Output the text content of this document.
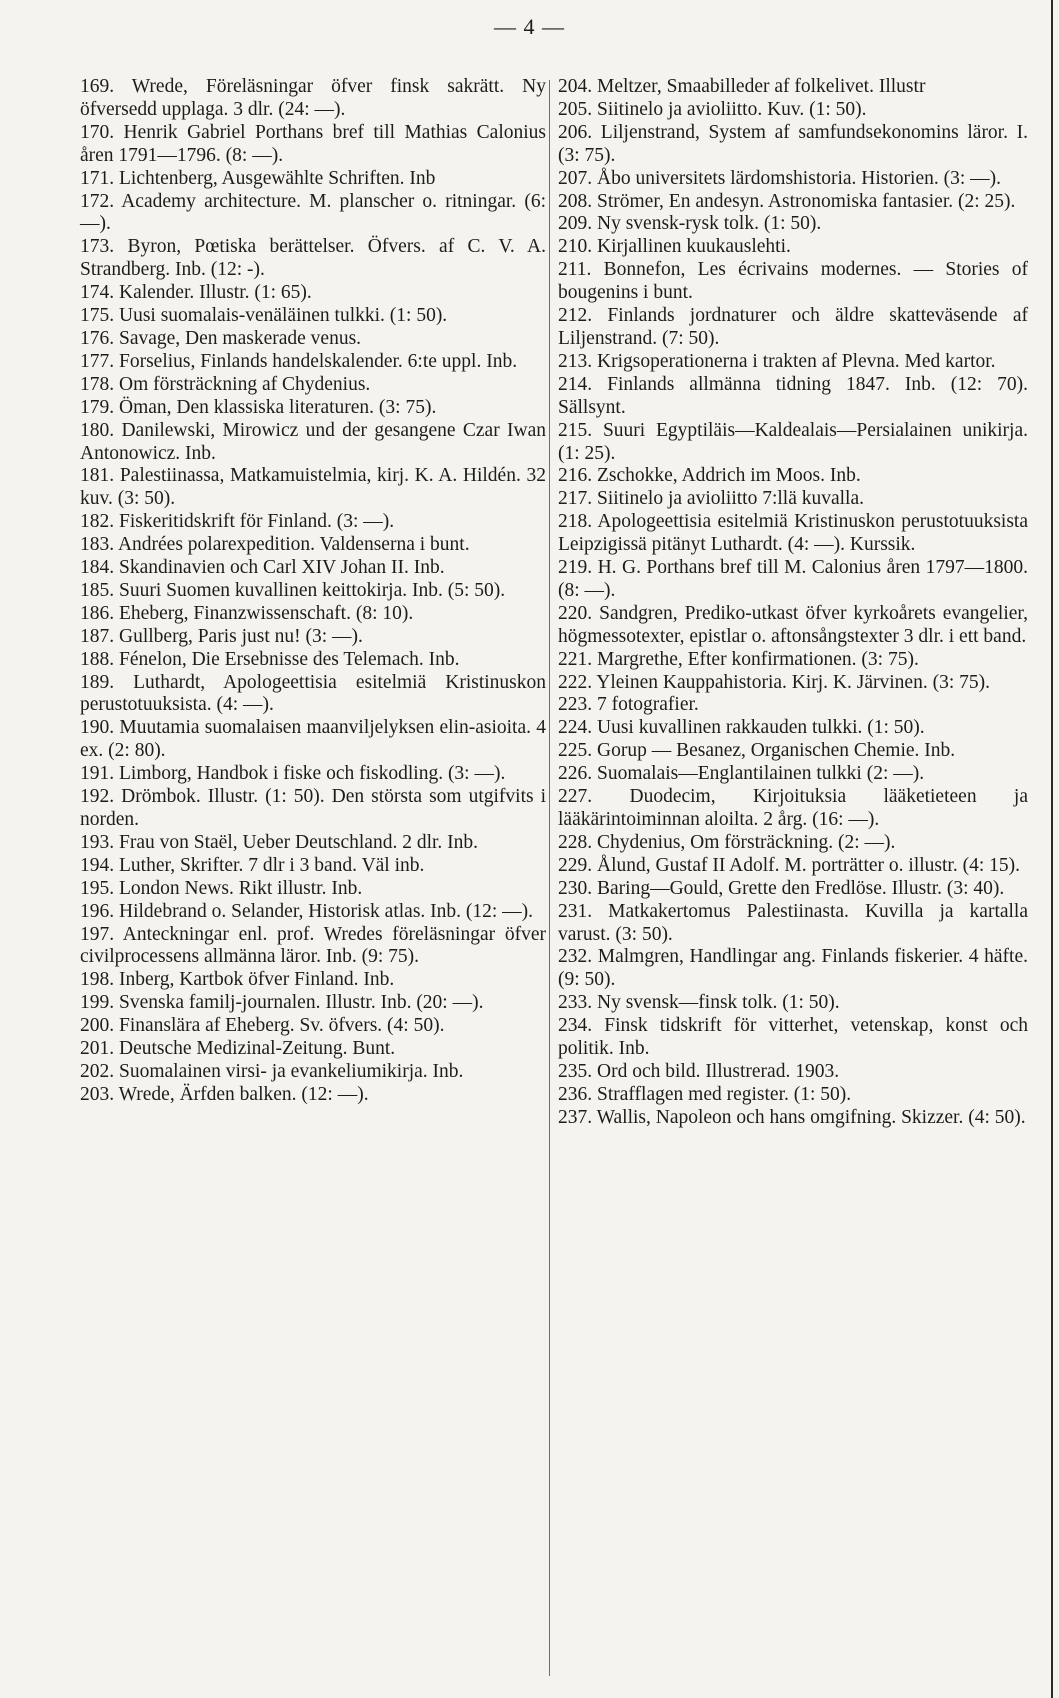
— 4 —

169. Wrede, Föreläsningar öfver finsk sakrätt. Ny öfversedd upplaga. 3 dlr. (24: —).

170. Henrik Gabriel Porthans bref till Mathias Calonius åren 1791—1796. (8: —).

171. Lichtenberg, Ausgewählte Schriften. Inb

172. Academy architecture. M. planscher o. ritningar. (6: —).

173. Byron, Pœtiska berättelser. Öfvers. af C. V. A. Strandberg. Inb. (12: -).

174. Kalender. Illustr. (1: 65).

175. Uusi suomalais-venäläinen tulkki. (1: 50).

176. Savage, Den maskerade venus.

177. Forselius, Finlands handelskalender. 6:te uppl. Inb.

178. Om försträckning af Chydenius.

179. Öman, Den klassiska literaturen. (3: 75).

180. Danilewski, Mirowicz und der gesangene Czar Iwan Antonowicz. Inb.

181. Palestiinassa, Matkamuistelmia, kirj. K. A. Hildén. 32 kuv. (3: 50).

182. Fiskeritidskrift för Finland. (3: —).

183. Andrées polarexpedition. Valdenserna i bunt.

184. Skandinavien och Carl XIV Johan II. Inb.

185. Suuri Suomen kuvallinen keittokirja. Inb. (5: 50).

186. Eheberg, Finanzwissenschaft. (8: 10).

187. Gullberg, Paris just nu! (3: —).

188. Fénelon, Die Ersebnisse des Telemach. Inb.

189. Luthardt, Apologeettisia esitelmiä Kristinuskon perustotuuksista. (4: —).

190. Muutamia suomalaisen maanviljelyksen elin-asioita. 4 ex. (2: 80).

191. Limborg, Handbok i fiske och fiskodling. (3: —).

192. Drömbok. Illustr. (1: 50). Den största som utgifvits i norden.

193. Frau von Staël, Ueber Deutschland. 2 dlr. Inb.

194. Luther, Skrifter. 7 dlr i 3 band. Väl inb.

195. London News. Rikt illustr. Inb.

196. Hildebrand o. Selander, Historisk atlas. Inb. (12: —).

197. Anteckningar enl. prof. Wredes föreläsningar öfver civilprocessens allmänna läror. Inb. (9: 75).

198. Inberg, Kartbok öfver Finland. Inb.

199. Svenska familj-journalen. Illustr. Inb. (20: —).

200. Finanslära af Eheberg. Sv. öfvers. (4: 50).

201. Deutsche Medizinal-Zeitung. Bunt.

202. Suomalainen virsi- ja evankeliumikirja. Inb.

203. Wrede, Ärfden balken. (12: —).

204. Meltzer, Smaabilleder af folkelivet. Illustr

205. Siitinelo ja avioliitto. Kuv. (1: 50).

206. Liljenstrand, System af samfundsekonomins läror. I. (3: 75).

207. Åbo universitets lärdomshistoria. Historien. (3: —).

208. Strömer, En andesyn. Astronomiska fantasier. (2: 25).

209. Ny svensk-rysk tolk. (1: 50).

210. Kirjallinen kuukauslehti.

211. Bonnefon, Les écrivains modernes. — Stories of bougenins i bunt.

212. Finlands jordnaturer och äldre skatteväsende af Liljenstrand. (7: 50).

213. Krigsoperationerna i trakten af Plevna. Med kartor.

214. Finlands allmänna tidning 1847. Inb. (12: 70). Sällsynt.

215. Suuri Egyptiläis—Kaldealais—Persialainen unikirja. (1: 25).

216. Zschokke, Addrich im Moos. Inb.

217. Siitinelo ja avioliitto 7:llä kuvalla.

218. Apologeettisia esitelmiä Kristinuskon perustotuuksista Leipzigissä pitänyt Luthardt. (4: —). Kurssik.

219. H. G. Porthans bref till M. Calonius åren 1797—1800. (8: —).

220. Sandgren, Prediko-utkast öfver kyrkoårets evangelier, högmessotexter, epistlar o. aftonsångstexter 3 dlr. i ett band.

221. Margrethe, Efter konfirmationen. (3: 75).

222. Yleinen Kauppahistoria. Kirj. K. Järvinen. (3: 75).

223. 7 fotografier.

224. Uusi kuvallinen rakkauden tulkki. (1: 50).

225. Gorup — Besanez, Organischen Chemie. Inb.

226. Suomalais—Englantilainen tulkki (2: —).

227. Duodecim, Kirjoituksia lääketieteen ja lääkärintoiminnan aloilta. 2 årg. (16: —).

228. Chydenius, Om försträckning. (2: —).

229. Ålund, Gustaf II Adolf. M. porträtter o. illustr. (4: 15).

230. Baring—Gould, Grette den Fredlöse. Illustr. (3: 40).

231. Matkakertomus Palestiinasta. Kuvilla ja kartalla varust. (3: 50).

232. Malmgren, Handlingar ang. Finlands fiskerier. 4 häfte. (9: 50).

233. Ny svensk—finsk tolk. (1: 50).

234. Finsk tidskrift för vitterhet, vetenskap, konst och politik. Inb.

235. Ord och bild. Illustrerad. 1903.

236. Strafflagen med register. (1: 50).

237. Wallis, Napoleon och hans omgifning. Skizzer. (4: 50).
